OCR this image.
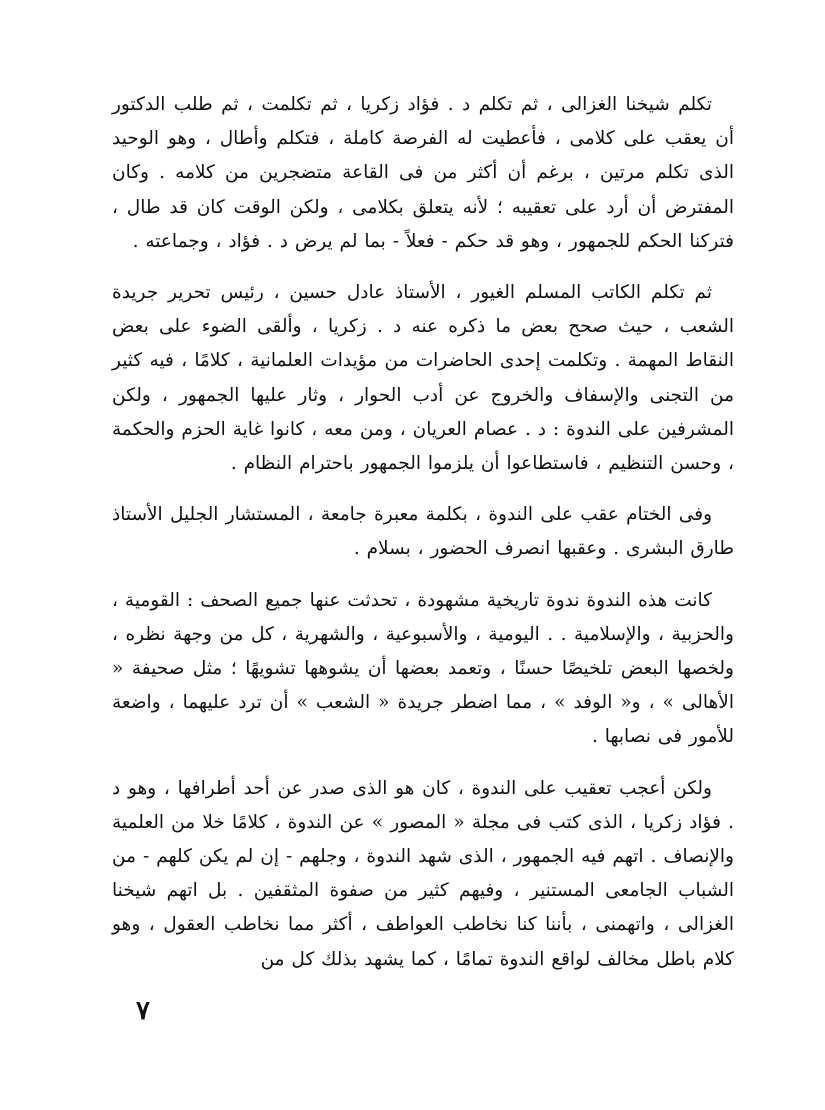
تكلم شيخنا الغزالى ، ثم تكلم د . فؤاد زكريا ، ثم تكلمت ، ثم طلب الدكتور أن يعقب على كلامى ، فأعطيت له الفرصة كاملة ، فتكلم وأطال ، وهو الوحيد الذى تكلم مرتين ، برغم أن أكثر من فى القاعة متضجرين من كلامه . وكان المفترض أن أرد على تعقيبه ؛ لأنه يتعلق بكلامى ، ولكن الوقت كان قد طال ، فتركنا الحكم للجمهور ، وهو قد حكم - فعلاً - بما لم يرض د . فؤاد ، وجماعته .

ثم تكلم الكاتب المسلم الغيور ، الأستاذ عادل حسين ، رئيس تحرير جريدة الشعب ، حيث صحح بعض ما ذكره عنه د . زكريا ، وألقى الضوء على بعض النقاط المهمة . وتكلمت إحدى الحاضرات من مؤيدات العلمانية ، كلامًا ، فيه كثير من التجنى والإسفاف والخروج عن أدب الحوار ، وثار عليها الجمهور ، ولكن المشرفين على الندوة : د . عصام العريان ، ومن معه ، كانوا غاية الحزم والحكمة ، وحسن التنظيم ، فاستطاعوا أن يلزموا الجمهور باحترام النظام .

وفى الختام عقب على الندوة ، بكلمة معبرة جامعة ، المستشار الجليل الأستاذ طارق البشرى . وعقبها انصرف الحضور ، بسلام .

كانت هذه الندوة ندوة تاريخية مشهودة ، تحدثت عنها جميع الصحف : القومية ، والحزبية ، والإسلامية . . اليومية ، والأسبوعية ، والشهرية ، كل من وجهة نظره ، ولخصها البعض تلخيصًا حسنًا ، وتعمد بعضها أن يشوهها تشويهًا ؛ مثل صحيفة « الأهالى » ، و« الوفد » ، مما اضطر جريدة « الشعب » أن ترد عليهما ، واضعة للأمور فى نصابها .

ولكن أعجب تعقيب على الندوة ، كان هو الذى صدر عن أحد أطرافها ، وهو د . فؤاد زكريا ، الذى كتب فى مجلة « المصور » عن الندوة ، كلامًا خلا من العلمية والإنصاف . اتهم فيه الجمهور ، الذى شهد الندوة ، وجلهم - إن لم يكن كلهم - من الشباب الجامعى المستنير ، وفيهم كثير من صفوة المثقفين . بل اتهم شيخنا الغزالى ، واتهمنى ، بأننا كنا نخاطب العواطف ، أكثر مما نخاطب العقول ، وهو كلام باطل مخالف لواقع الندوة تمامًا ، كما يشهد بذلك كل من

٧
